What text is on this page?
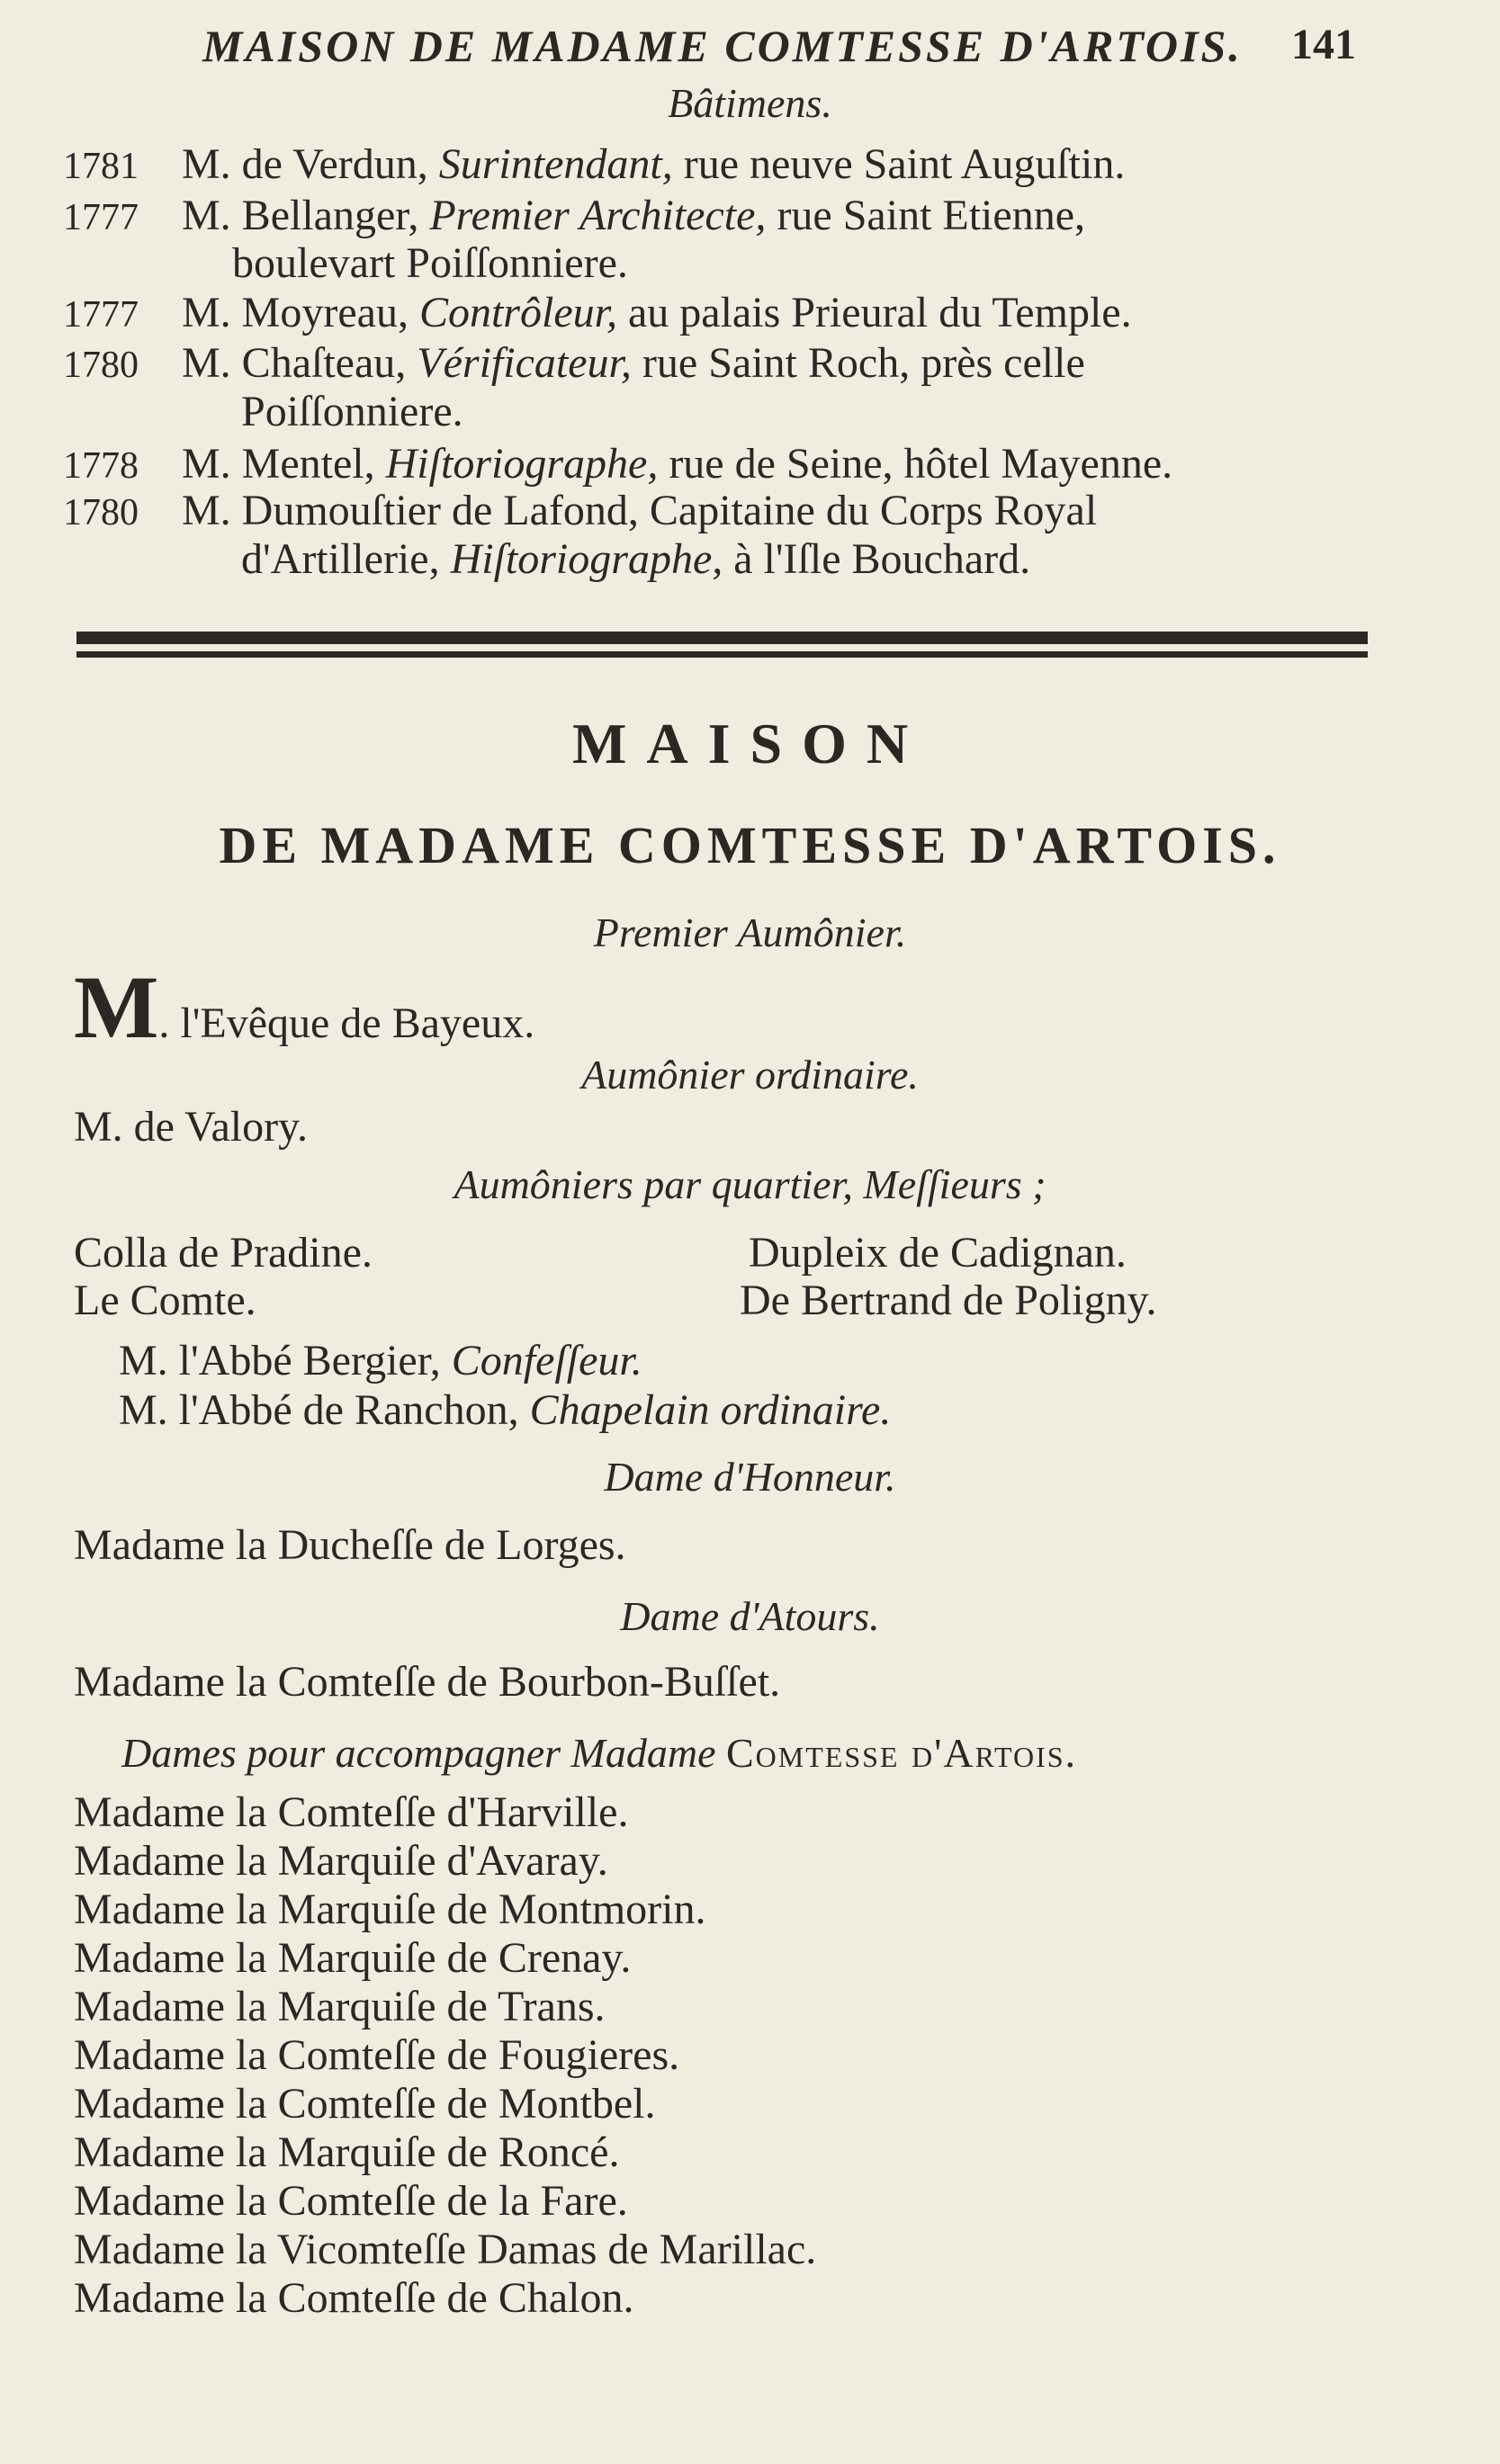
MAISON DE MADAME COMTESSE D'ARTOIS. 141
Bâtimens.
1781 M. de Verdun, Surintendant, rue neuve Saint Auguſtin.
1777 M. Bellanger, Premier Architecte, rue Saint Etienne,
boulevart Poiſſonniere.
1777 M. Moyreau, Contrôleur, au palais Prieural du Temple.
1780 M. Chaſteau, Vérificateur, rue Saint Roch, près celle
Poiſſonniere.
1778 M. Mentel, Hiſtoriographe, rue de Seine, hôtel Mayenne.
1780 M. Dumouſtier de Lafond, Capitaine du Corps Royal
d'Artillerie, Hiſtoriographe, à l'Iſle Bouchard.
MAISON
DE MADAME COMTESSE D'ARTOIS.
Premier Aumônier.
M. l'Evêque de Bayeux.
Aumônier ordinaire.
M. de Valory.
Aumôniers par quartier, Meſſieurs ;
Colla de Pradine.
Le Comte.
Dupleix de Cadignan.
De Bertrand de Poligny.
M. l'Abbé Bergier, Confeſſeur.
M. l'Abbé de Ranchon, Chapelain ordinaire.
Dame d'Honneur.
Madame la Ducheſſe de Lorges.
Dame d'Atours.
Madame la Comteſſe de Bourbon-Buſſet.
Dames pour accompagner Madame Comtesse d'Artois.
Madame la Comteſſe d'Harville.
Madame la Marquiſe d'Avaray.
Madame la Marquiſe de Montmorin.
Madame la Marquiſe de Crenay.
Madame la Marquiſe de Trans.
Madame la Comteſſe de Fougieres.
Madame la Comteſſe de Montbel.
Madame la Marquiſe de Roncé.
Madame la Comteſſe de la Fare.
Madame la Vicomteſſe Damas de Marillac.
Madame la Comteſſe de Chalon.
